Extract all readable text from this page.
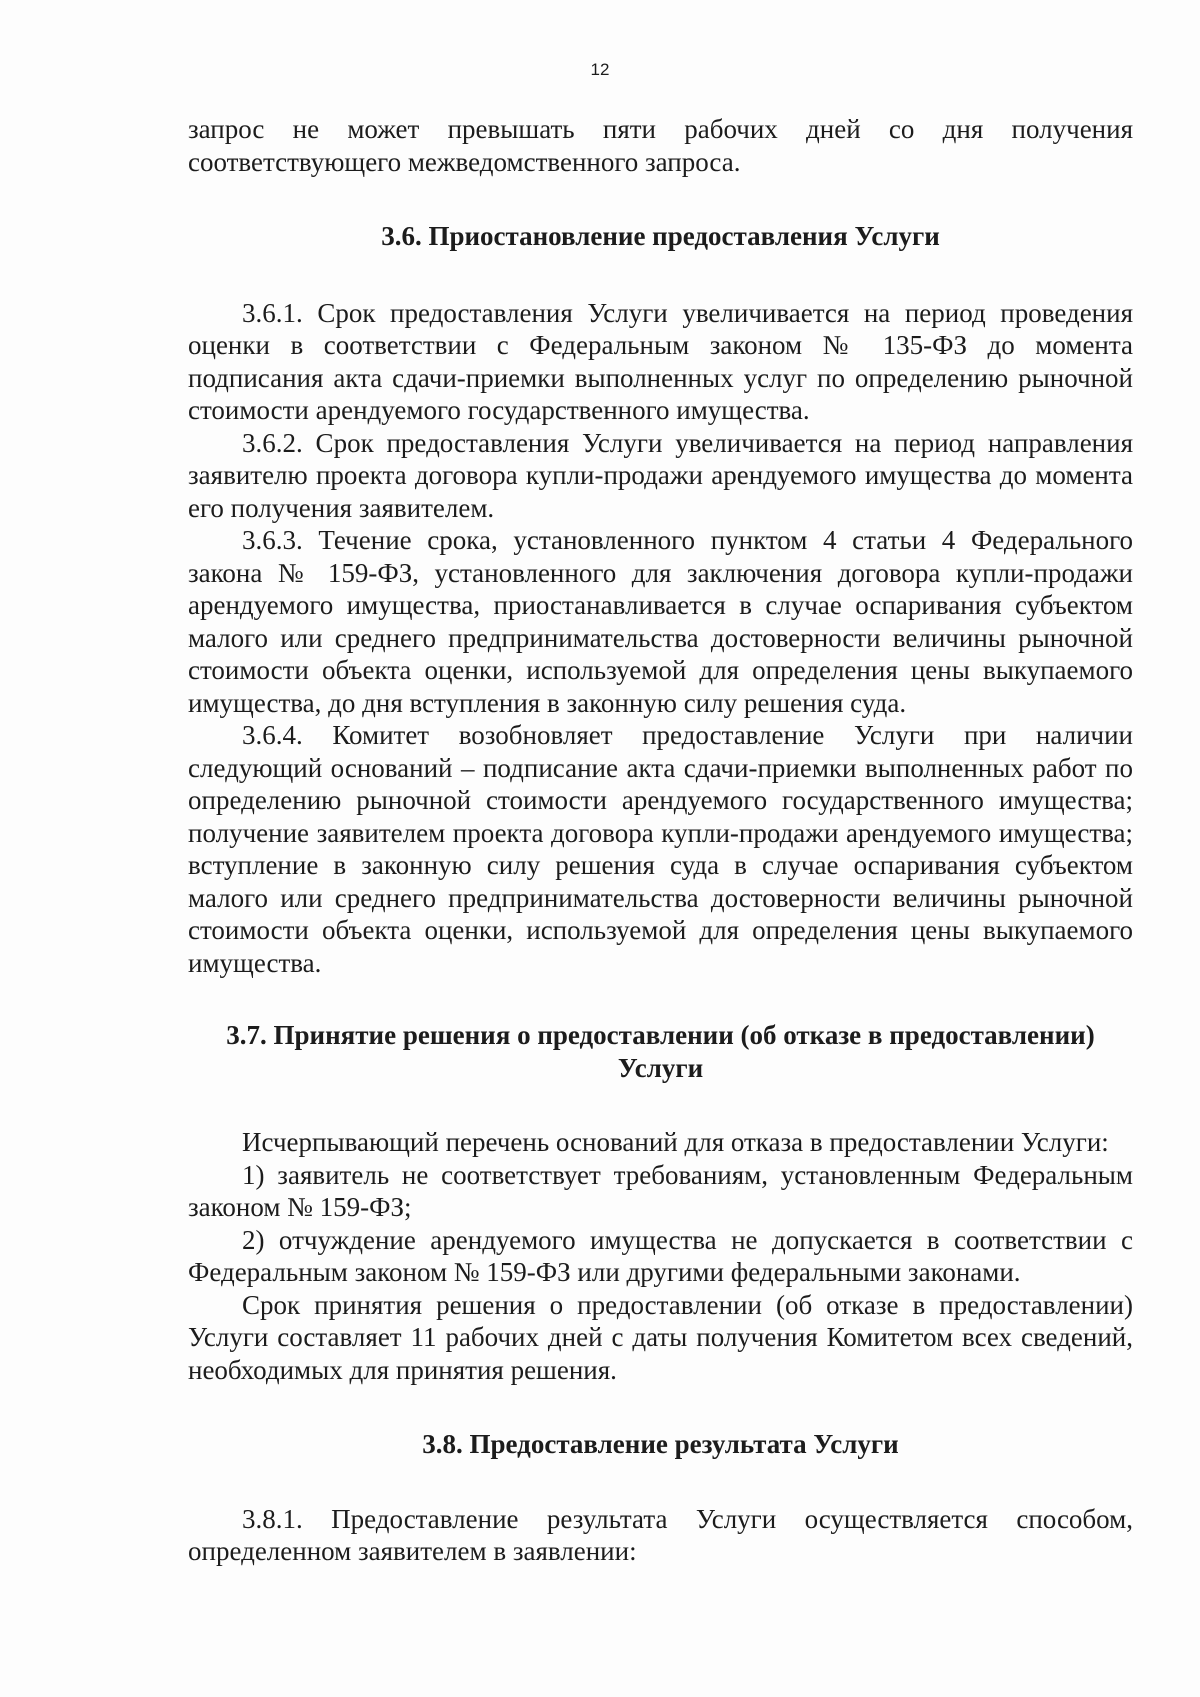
12

запрос не может превышать пяти рабочих дней со дня получения соответствующего межведомственного запроса.

3.6. Приостановление предоставления Услуги

3.6.1. Срок предоставления Услуги увеличивается на период проведения оценки в соответствии с Федеральным законом № 135-ФЗ до момента подписания акта сдачи-приемки выполненных услуг по определению рыночной стоимости арендуемого государственного имущества.

3.6.2. Срок предоставления Услуги увеличивается на период направления заявителю проекта договора купли-продажи арендуемого имущества до момента его получения заявителем.

3.6.3. Течение срока, установленного пунктом 4 статьи 4 Федерального закона № 159-ФЗ, установленного для заключения договора купли-продажи арендуемого имущества, приостанавливается в случае оспаривания субъектом малого или среднего предпринимательства достоверности величины рыночной стоимости объекта оценки, используемой для определения цены выкупаемого имущества, до дня вступления в законную силу решения суда.

3.6.4. Комитет возобновляет предоставление Услуги при наличии следующий оснований – подписание акта сдачи-приемки выполненных работ по определению рыночной стоимости арендуемого государственного имущества; получение заявителем проекта договора купли-продажи арендуемого имущества; вступление в законную силу решения суда в случае оспаривания субъектом малого или среднего предпринимательства достоверности величины рыночной стоимости объекта оценки, используемой для определения цены выкупаемого имущества.

3.7. Принятие решения о предоставлении (об отказе в предоставлении)
Услуги

Исчерпывающий перечень оснований для отказа в предоставлении Услуги:

1) заявитель не соответствует требованиям, установленным Федеральным законом № 159-ФЗ;

2) отчуждение арендуемого имущества не допускается в соответствии с Федеральным законом № 159-ФЗ или другими федеральными законами.

Срок принятия решения о предоставлении (об отказе в предоставлении) Услуги составляет 11 рабочих дней с даты получения Комитетом всех сведений, необходимых для принятия решения.

3.8. Предоставление результата Услуги

3.8.1. Предоставление результата Услуги осуществляется способом, определенном заявителем в заявлении:
